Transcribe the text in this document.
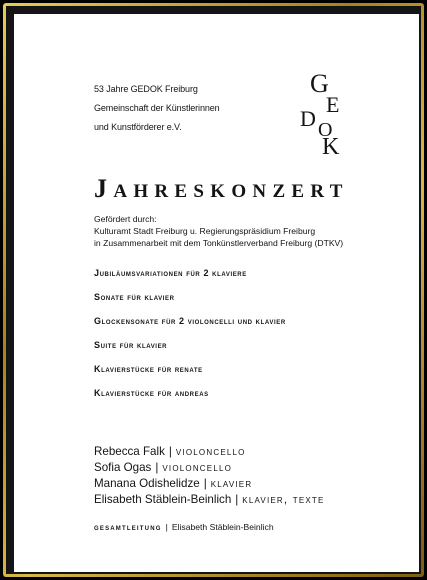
53 Jahre GEDOK Freiburg
Gemeinschaft der Künstlerinnen
und Kunstförderer e.V.
G
E
D O
K
JAHRESKONZERT
Gefördert durch:
Kulturamt Stadt Freiburg u. Regierungspräsidium Freiburg
in Zusammenarbeit mit dem Tonkünstlerverband Freiburg (DTKV)
Jubiläumsvariationen für 2 klaviere
Sonate für klavier
Glockensonate für 2 violoncelli und klavier
Suite für klavier
Klavierstücke für renate
Klavierstücke für andreas
Rebecca Falk | violoncello
Sofia Ogas | violoncello
Manana Odishelidze | klavier
Elisabeth Stäblein-Beinlich | klavier, texte
gesamtleitung | Elisabeth Stäblein-Beinlich
